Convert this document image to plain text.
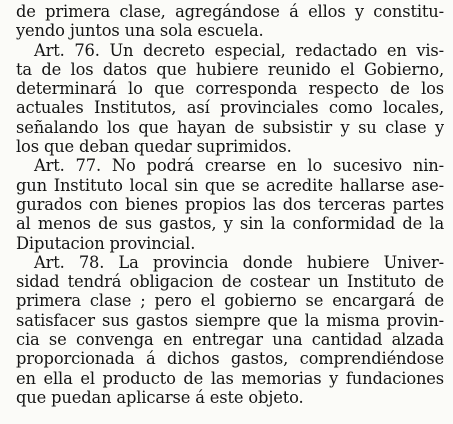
de primera clase, agregándose á ellos y constitu-
yendo juntos una sola escuela.
Art. 76. Un decreto especial, redactado en vis-
ta de los datos que hubiere reunido el Gobierno,
determinará lo que corresponda respecto de los
actuales Institutos, así provinciales como locales,
señalando los que hayan de subsistir y su clase y
los que deban quedar suprimidos.
Art. 77. No podrá crearse en lo sucesivo nin-
gun Instituto local sin que se acredite hallarse ase-
gurados con bienes propios las dos terceras partes
al menos de sus gastos, y sin la conformidad de la
Diputacion provincial.
Art. 78. La provincia donde hubiere Univer-
sidad tendrá obligacion de costear un Instituto de
primera clase ; pero el gobierno se encargará de
satisfacer sus gastos siempre que la misma provin-
cia se convenga en entregar una cantidad alzada
proporcionada á dichos gastos, comprendiéndose
en ella el producto de las memorias y fundaciones
que puedan aplicarse á este objeto.
